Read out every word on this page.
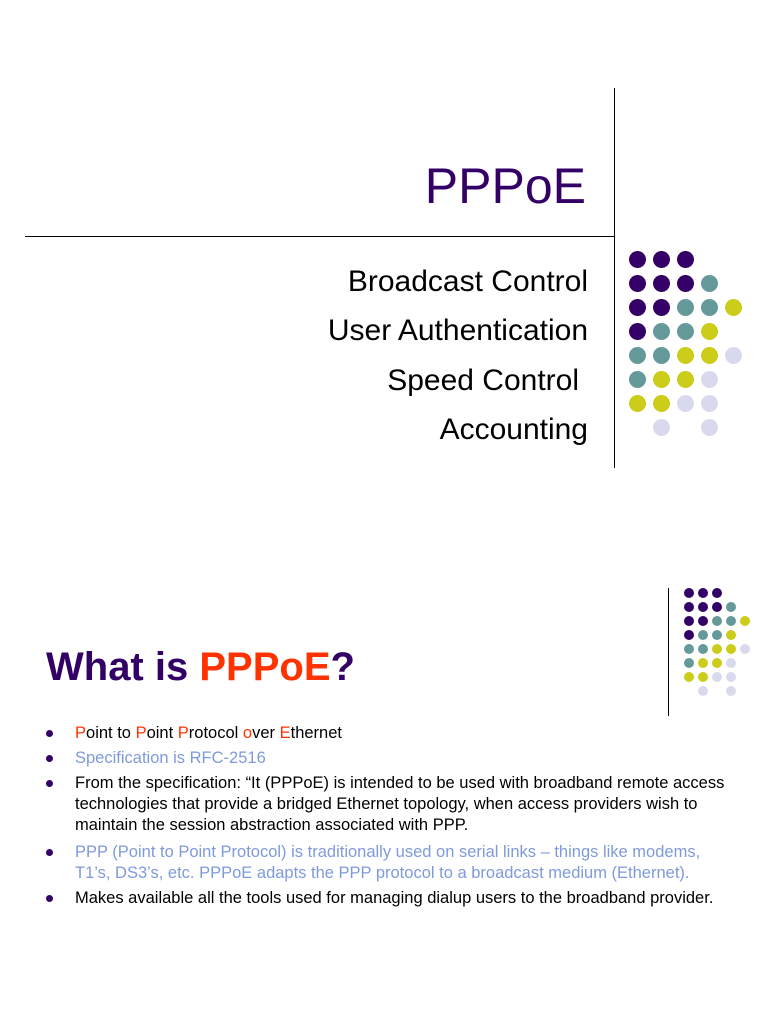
PPPoE
Broadcast Control
User Authentication
Speed Control
Accounting
What is PPPoE?
Point to Point Protocol over Ethernet
Specification is RFC-2516
From the specification: “It (PPPoE) is intended to be used with broadband remote access technologies that provide a bridged Ethernet topology, when access providers wish to maintain the session abstraction associated with PPP.
PPP (Point to Point Protocol) is traditionally used on serial links – things like modems, T1’s, DS3’s, etc. PPPoE adapts the PPP protocol to a broadcast medium (Ethernet).
Makes available all the tools used for managing dialup users to the broadband provider.
